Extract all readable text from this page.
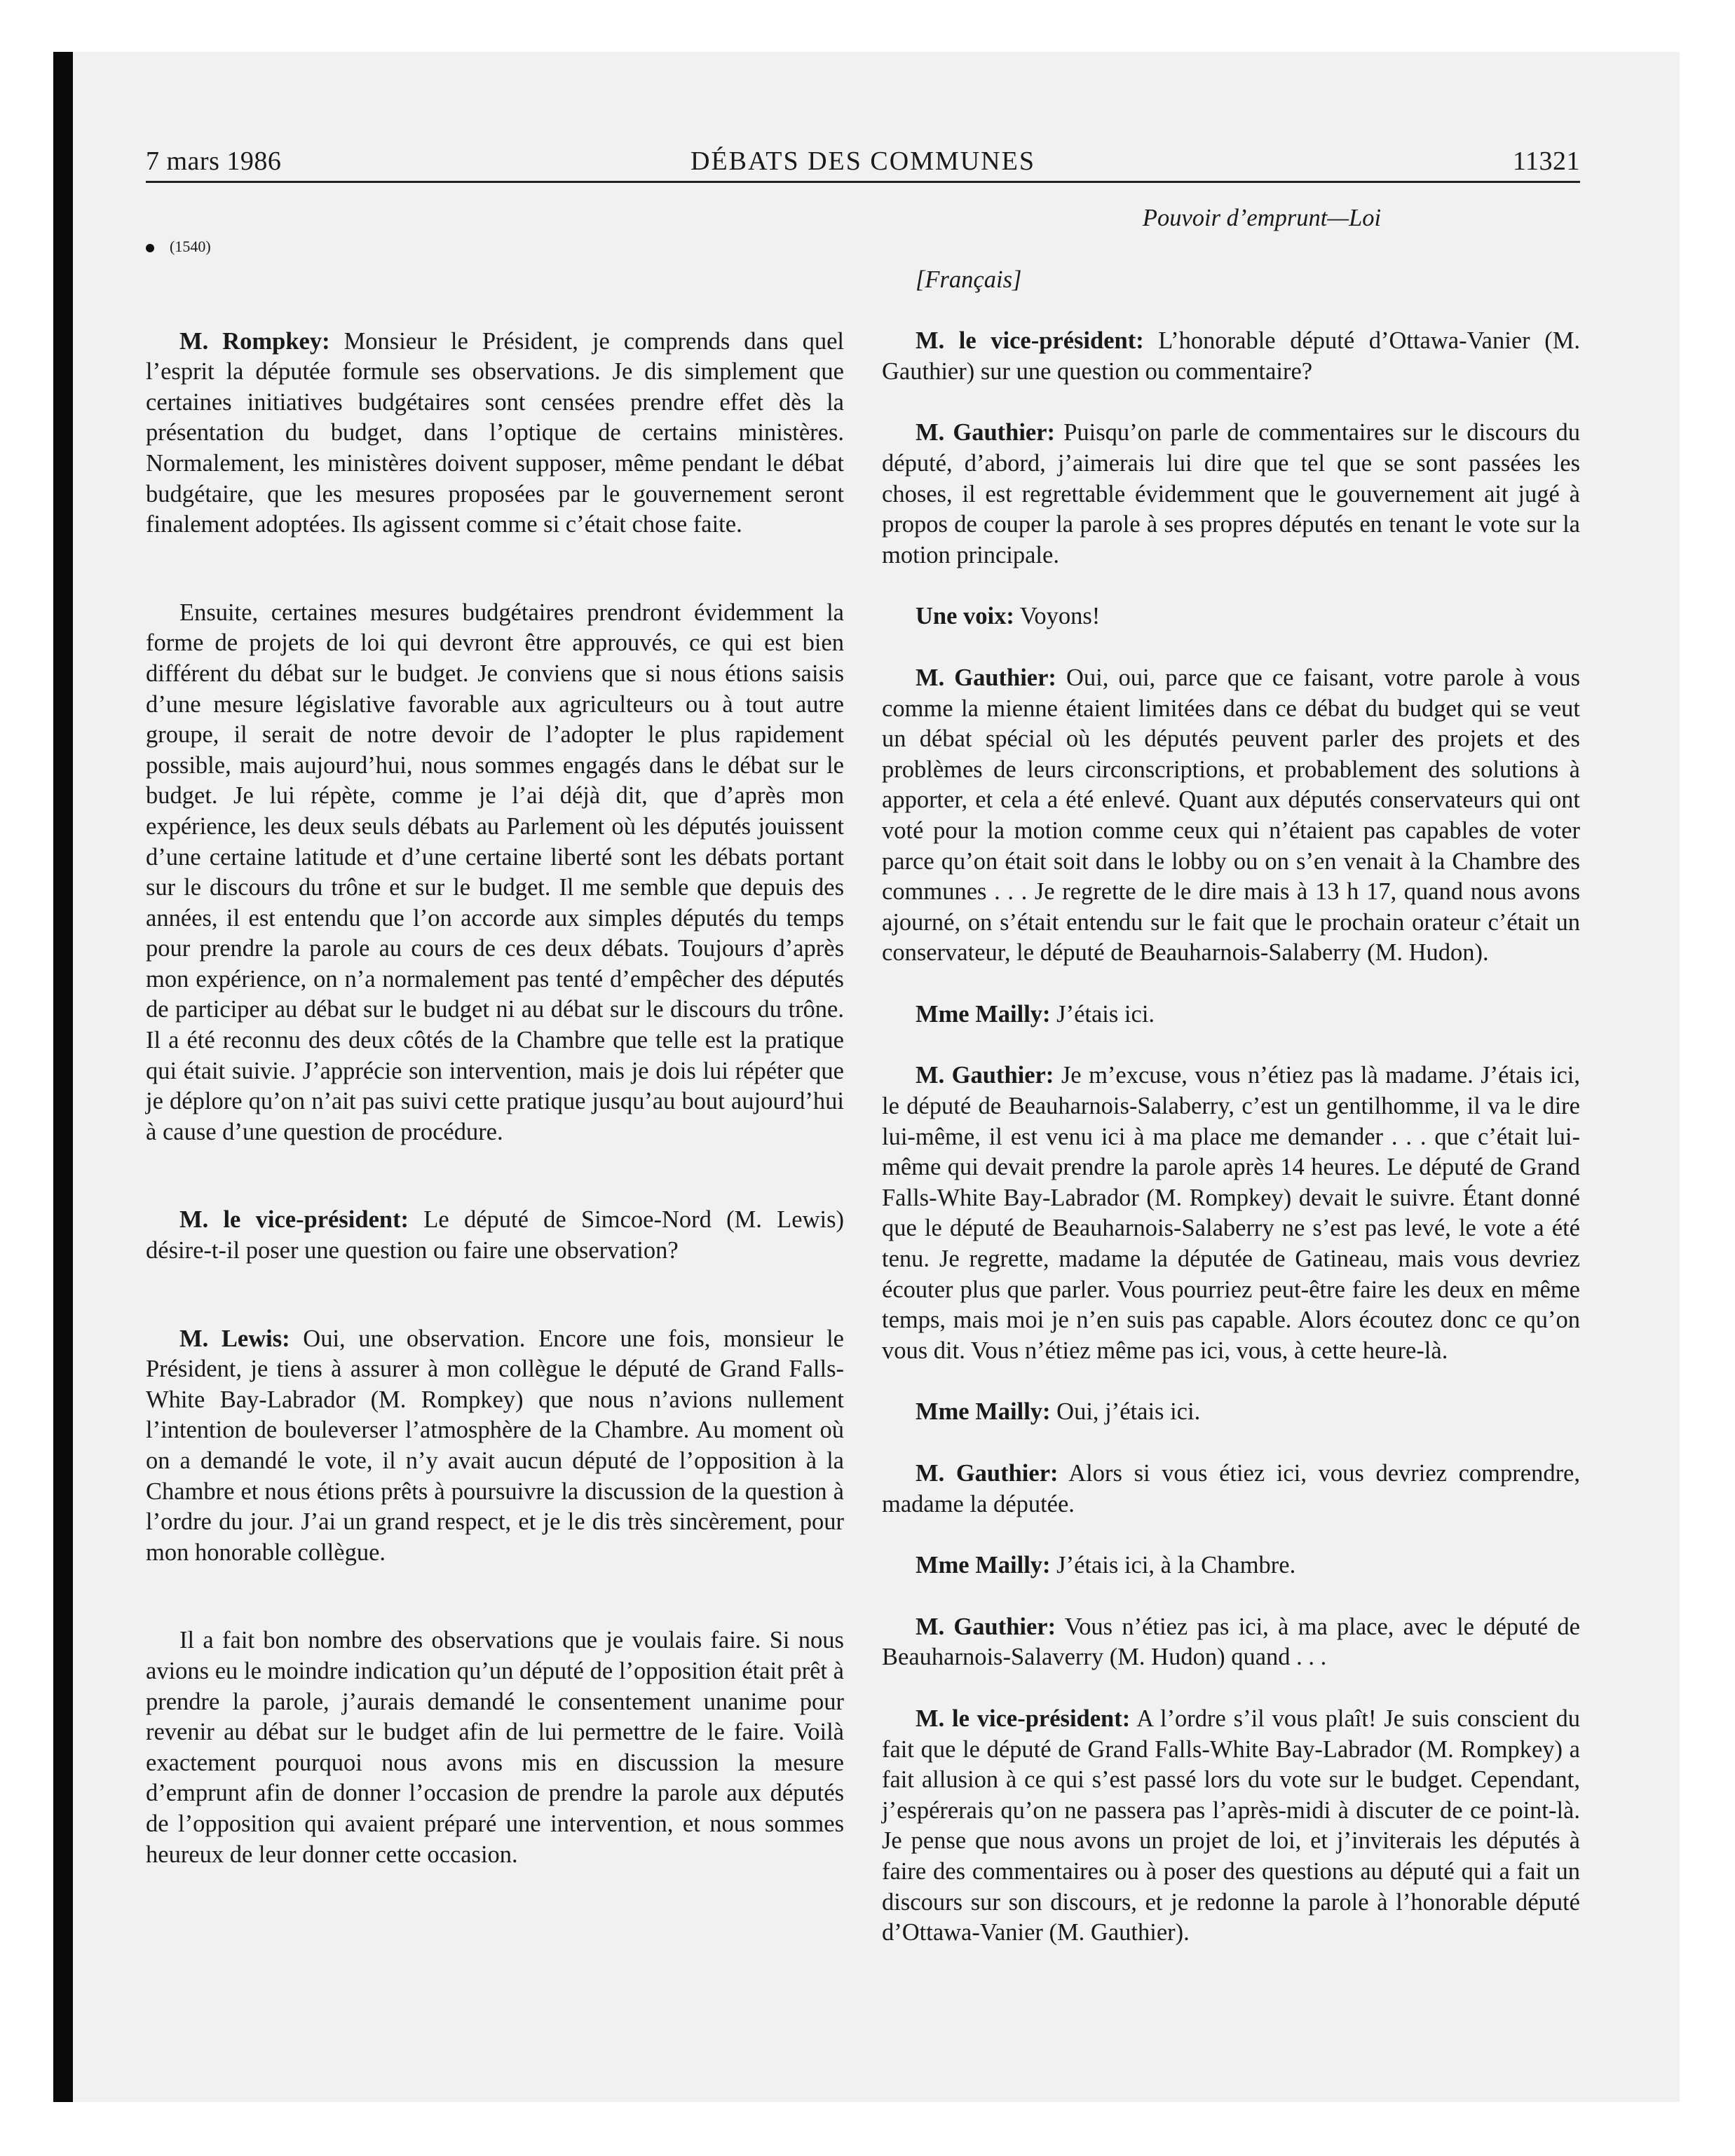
7 mars 1986	DÉBATS DES COMMUNES	11321
(1540)

M. Rompkey: Monsieur le Président, je comprends dans quel l’esprit la députée formule ses observations. Je dis simplement que certaines initiatives budgétaires sont censées prendre effet dès la présentation du budget, dans l’optique de certains ministères. Normalement, les ministères doivent supposer, même pendant le débat budgétaire, que les mesures proposées par le gouvernement seront finalement adoptées. Ils agissent comme si c’était chose faite.

Ensuite, certaines mesures budgétaires prendront évidemment la forme de projets de loi qui devront être approuvés, ce qui est bien différent du débat sur le budget. Je conviens que si nous étions saisis d’une mesure législative favorable aux agriculteurs ou à tout autre groupe, il serait de notre devoir de l’adopter le plus rapidement possible, mais aujourd’hui, nous sommes engagés dans le débat sur le budget. Je lui répète, comme je l’ai déjà dit, que d’après mon expérience, les deux seuls débats au Parlement où les députés jouissent d’une certaine latitude et d’une certaine liberté sont les débats portant sur le discours du trône et sur le budget. Il me semble que depuis des années, il est entendu que l’on accorde aux simples députés du temps pour prendre la parole au cours de ces deux débats. Toujours d’après mon expérience, on n’a normalement pas tenté d’empêcher des députés de participer au débat sur le budget ni au débat sur le discours du trône. Il a été reconnu des deux côtés de la Chambre que telle est la pratique qui était suivie. J’apprécie son intervention, mais je dois lui répéter que je déplore qu’on n’ait pas suivi cette pratique jusqu’au bout aujourd’hui à cause d’une question de procédure.

M. le vice-président: Le député de Simcoe-Nord (M. Lewis) désire-t-il poser une question ou faire une observation?

M. Lewis: Oui, une observation. Encore une fois, monsieur le Président, je tiens à assurer à mon collègue le député de Grand Falls-White Bay-Labrador (M. Rompkey) que nous n’avions nullement l’intention de bouleverser l’atmosphère de la Chambre. Au moment où on a demandé le vote, il n’y avait aucun député de l’opposition à la Chambre et nous étions prêts à poursuivre la discussion de la question à l’ordre du jour. J’ai un grand respect, et je le dis très sincèrement, pour mon honorable collègue.

Il a fait bon nombre des observations que je voulais faire. Si nous avions eu le moindre indication qu’un député de l’opposition était prêt à prendre la parole, j’aurais demandé le consentement unanime pour revenir au débat sur le budget afin de lui permettre de le faire. Voilà exactement pourquoi nous avons mis en discussion la mesure d’emprunt afin de donner l’occasion de prendre la parole aux députés de l’opposition qui avaient préparé une intervention, et nous sommes heureux de leur donner cette occasion.

Pouvoir d’emprunt—Loi

[Français]

M. le vice-président: L’honorable député d’Ottawa-Vanier (M. Gauthier) sur une question ou commentaire?

M. Gauthier: Puisqu’on parle de commentaires sur le discours du député, d’abord, j’aimerais lui dire que tel que se sont passées les choses, il est regrettable évidemment que le gouvernement ait jugé à propos de couper la parole à ses propres députés en tenant le vote sur la motion principale.

Une voix: Voyons!

M. Gauthier: Oui, oui, parce que ce faisant, votre parole à vous comme la mienne étaient limitées dans ce débat du budget qui se veut un débat spécial où les députés peuvent parler des projets et des problèmes de leurs circonscriptions, et probablement des solutions à apporter, et cela a été enlevé. Quant aux députés conservateurs qui ont voté pour la motion comme ceux qui n’étaient pas capables de voter parce qu’on était soit dans le lobby ou on s’en venait à la Chambre des communes . . . Je regrette de le dire mais à 13 h 17, quand nous avons ajourné, on s’était entendu sur le fait que le prochain orateur c’était un conservateur, le député de Beauharnois-Salaberry (M. Hudon).

Mme Mailly: J’étais ici.

M. Gauthier: Je m’excuse, vous n’étiez pas là madame. J’étais ici, le député de Beauharnois-Salaberry, c’est un gentilhomme, il va le dire lui-même, il est venu ici à ma place me demander . . . que c’était lui-même qui devait prendre la parole après 14 heures. Le député de Grand Falls-White Bay-Labrador (M. Rompkey) devait le suivre. Étant donné que le député de Beauharnois-Salaberry ne s’est pas levé, le vote a été tenu. Je regrette, madame la députée de Gatineau, mais vous devriez écouter plus que parler. Vous pourriez peut-être faire les deux en même temps, mais moi je n’en suis pas capable. Alors écoutez donc ce qu’on vous dit. Vous n’étiez même pas ici, vous, à cette heure-là.

Mme Mailly: Oui, j’étais ici.

M. Gauthier: Alors si vous étiez ici, vous devriez comprendre, madame la députée.

Mme Mailly: J’étais ici, à la Chambre.

M. Gauthier: Vous n’étiez pas ici, à ma place, avec le député de Beauharnois-Salaverry (M. Hudon) quand . . .

M. le vice-président: A l’ordre s’il vous plaît! Je suis conscient du fait que le député de Grand Falls-White Bay-Labrador (M. Rompkey) a fait allusion à ce qui s’est passé lors du vote sur le budget. Cependant, j’espérerais qu’on ne passera pas l’après-midi à discuter de ce point-là. Je pense que nous avons un projet de loi, et j’inviterais les députés à faire des commentaires ou à poser des questions au député qui a fait un discours sur son discours, et je redonne la parole à l’honorable député d’Ottawa-Vanier (M. Gauthier).
